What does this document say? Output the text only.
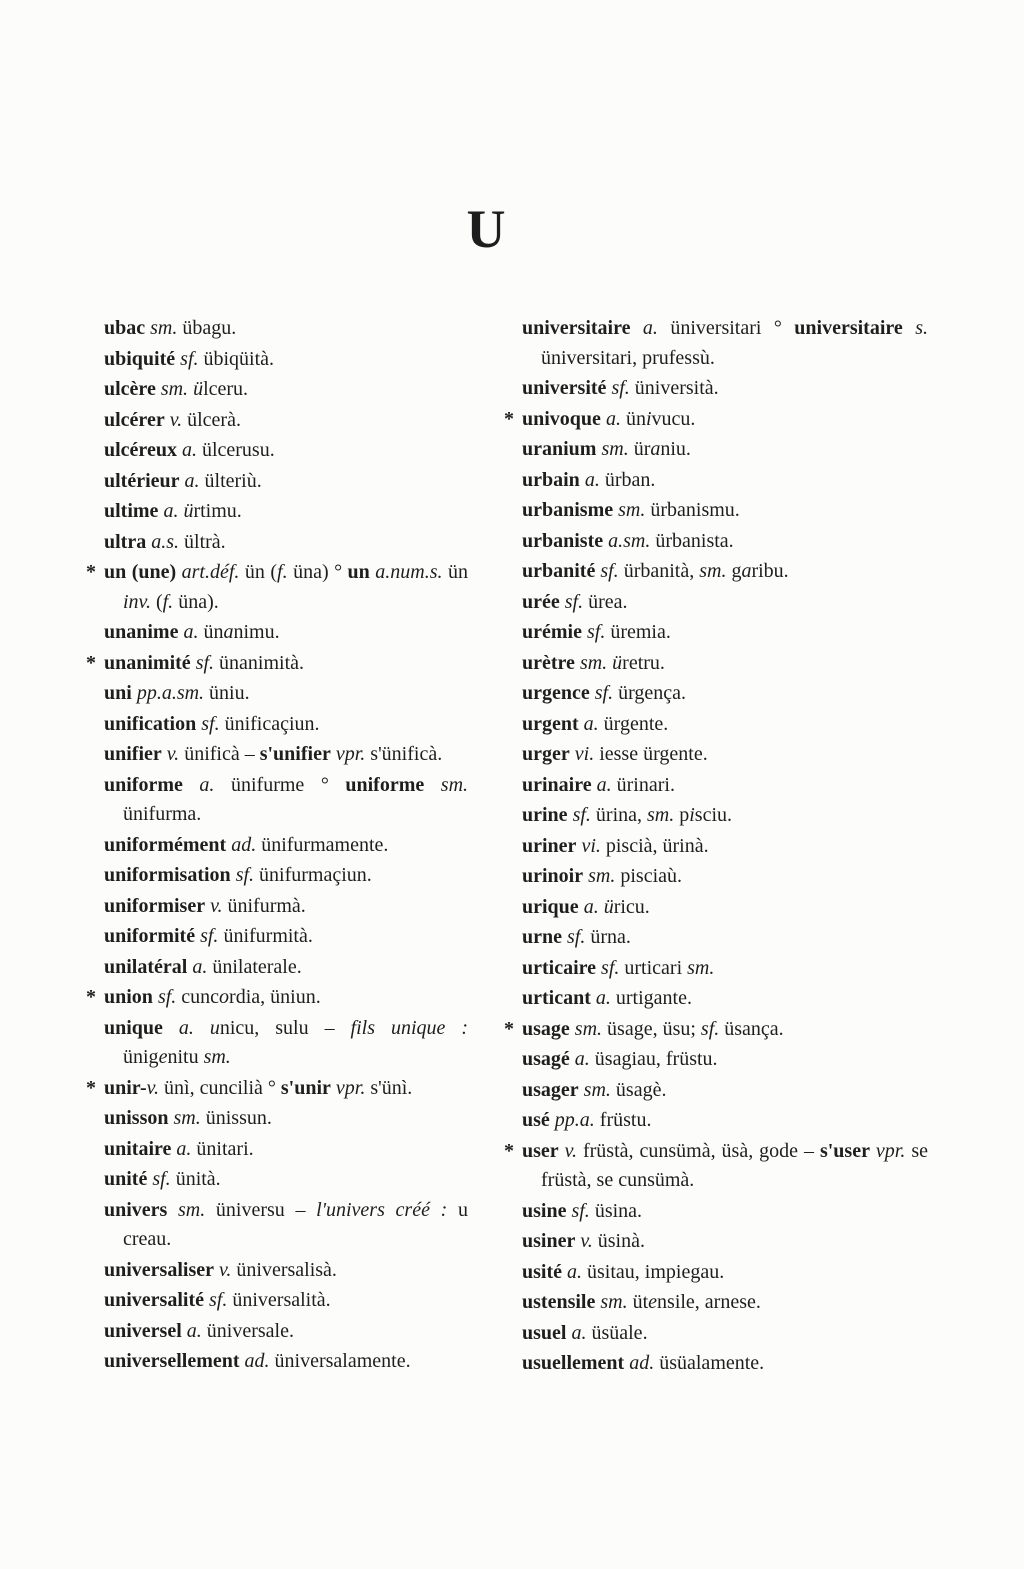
U
ubac sm. übagu.
ubiquité sf. übiqüità.
ulcère sm. ülceru.
ulcérer v. ülcerà.
ulcéreux a. ülcerusu.
ultérieur a. ülteriù.
ultime a. ürtimu.
ultra a.s. ültrà.
* un (une) art.déf. ün (f. üna) ° un a.num.s. ün inv. (f. üna).
unanime a. ünanimu.
* unanimité sf. ünanimità.
uni pp.a.sm. üniu.
unification sf. ünificaçiun.
unifier v. ünificà – s'unifier vpr. s'ünificà.
uniforme a. ünifurme ° uniforme sm. ünifurma.
uniformément ad. ünifurmamente.
uniformisation sf. ünifurmaçiun.
uniformiser v. ünifurmà.
uniformité sf. ünifurmità.
unilatéral a. ünilaterale.
* union sf. cuncordia, üniun.
unique a. unicu, sulu – fils unique : ünigenitu sm.
* unir-v. ünì, cuncilià ° s'unir vpr. s'ünì.
unisson sm. ünissun.
unitaire a. ünitari.
unité sf. ünità.
univers sm. üniversu – l'univers créé : u creau.
universaliser v. üniversalisà.
universalité sf. üniversalità.
universel a. üniversale.
universellement ad. üniversalamente.
universitaire a. üniversitari ° universitaire s. üniversitari, prufessù.
université sf. üniversità.
* univoque a. ünivucu.
uranium sm. üraniu.
urbain a. ürban.
urbanisme sm. ürbanismu.
urbaniste a.sm. ürbanista.
urbanité sf. ürbanità, sm. garibu.
urée sf. ürea.
urémie sf. üremia.
urètre sm. üretru.
urgence sf. ürgença.
urgent a. ürgente.
urger vi. iesse ürgente.
urinaire a. ürinari.
urine sf. ürina, sm. pisciu.
uriner vi. piscià, ürinà.
urinoir sm. pisciaù.
urique a. üricu.
urne sf. ürna.
urticaire sf. urticari sm.
urticant a. urtigante.
* usage sm. üsage, üsu; sf. üsança.
usagé a. üsagiau, früstu.
usager sm. üsagè.
usé pp.a. früstu.
* user v. früstà, cunsümà, üsà, gode – s'user vpr. se früstà, se cunsümà.
usine sf. üsina.
usiner v. üsinà.
usité a. üsitau, impiegau.
ustensile sm. ütensile, arnese.
usuel a. üsüale.
usuellement ad. üsüalamente.
